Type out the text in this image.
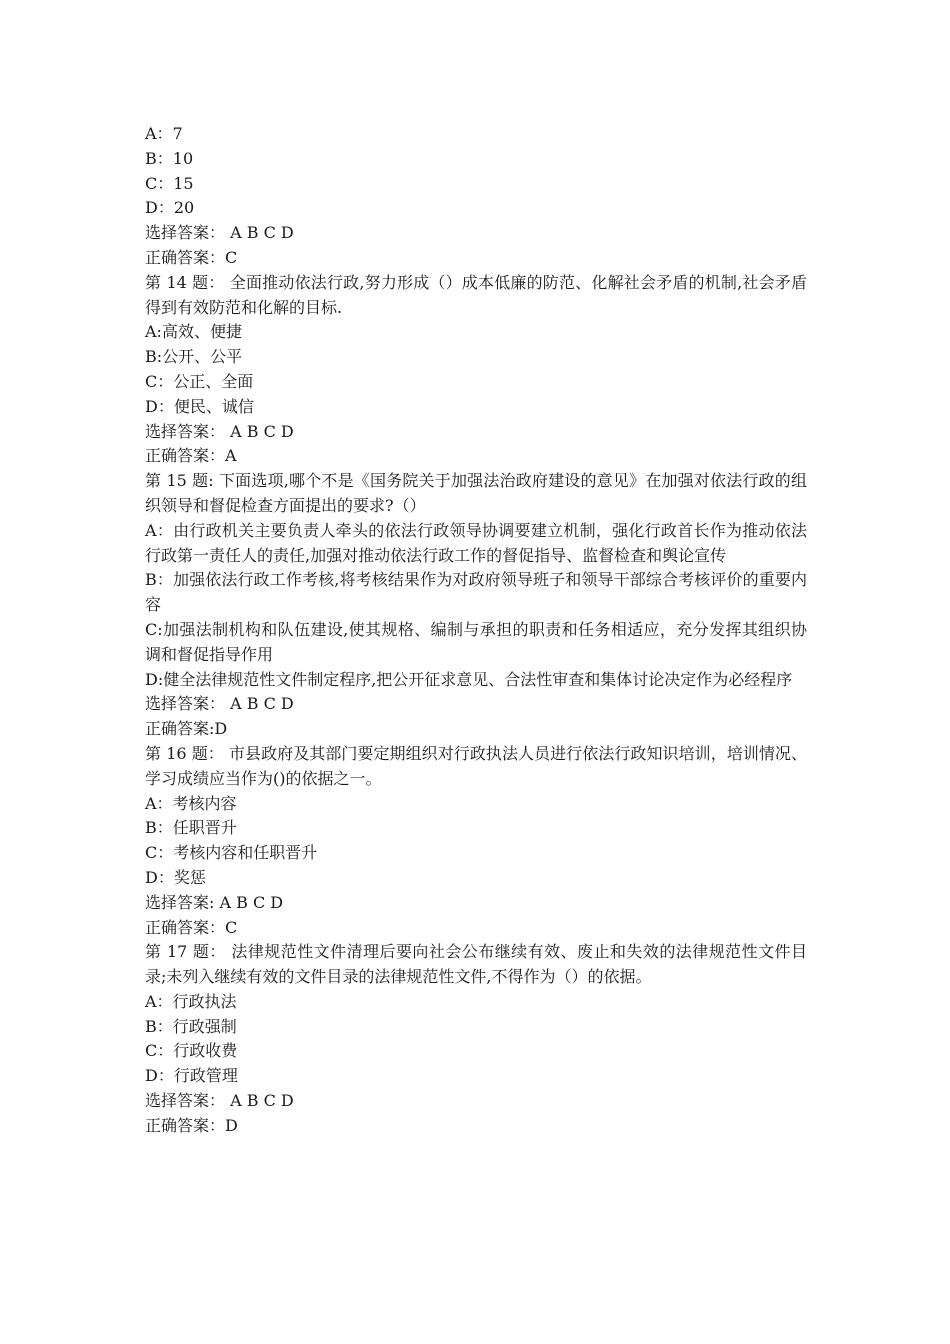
A：7

B：10

C：15

D：20

选择答案： A B C D

正确答案：C

第 14 题： 全面推动依法行政,努力形成（）成本低廉的防范、化解社会矛盾的机制,社会矛盾得到有效防范和化解的目标.

A:高效、便捷

B:公开、公平

C：公正、全面

D：便民、诚信

选择答案： A B C D

正确答案：A

第 15 题: 下面选项,哪个不是《国务院关于加强法治政府建设的意见》在加强对依法行政的组织领导和督促检查方面提出的要求?（）

A：由行政机关主要负责人牵头的依法行政领导协调要建立机制，强化行政首长作为推动依法行政第一责任人的责任,加强对推动依法行政工作的督促指导、监督检查和舆论宣传

B：加强依法行政工作考核,将考核结果作为对政府领导班子和领导干部综合考核评价的重要内容

C:加强法制机构和队伍建设,使其规格、编制与承担的职责和任务相适应，充分发挥其组织协调和督促指导作用

D:健全法律规范性文件制定程序,把公开征求意见、合法性审查和集体讨论决定作为必经程序

选择答案： A B C D

正确答案:D

第 16 题： 市县政府及其部门要定期组织对行政执法人员进行依法行政知识培训，培训情况、学习成绩应当作为()的依据之一。

A：考核内容

B：任职晋升

C：考核内容和任职晋升

D：奖惩

选择答案: A B C D

正确答案：C

第 17 题： 法律规范性文件清理后要向社会公布继续有效、废止和失效的法律规范性文件目录;未列入继续有效的文件目录的法律规范性文件,不得作为（）的依据。

A：行政执法

B：行政强制

C：行政收费

D：行政管理

选择答案： A B C D

正确答案：D
